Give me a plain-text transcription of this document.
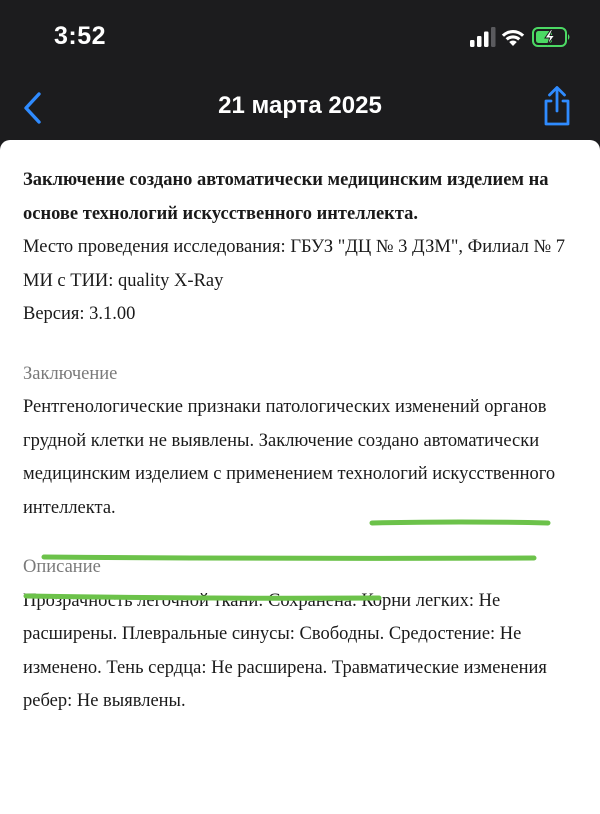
3:52
21 марта 2025

Заключение создано автоматически медицинским изделием на основе технологий искусственного интеллекта.

Место проведения исследования: ГБУЗ "ДЦ № 3 ДЗМ", Филиал № 7

МИ с ТИИ: quality X-Ray

Версия: 3.1.00

Заключение

Рентгенологические признаки патологических изменений органов грудной клетки не выявлены. Заключение создано автоматически медицинским изделием с применением технологий искусственного интеллекта.

Описание

Прозрачность легочной ткани: Сохранена. Корни легких: Не расширены. Плевральные синусы: Свободны. Средостение: Не изменено. Тень сердца: Не расширена. Травматические изменения ребер: Не выявлены.
